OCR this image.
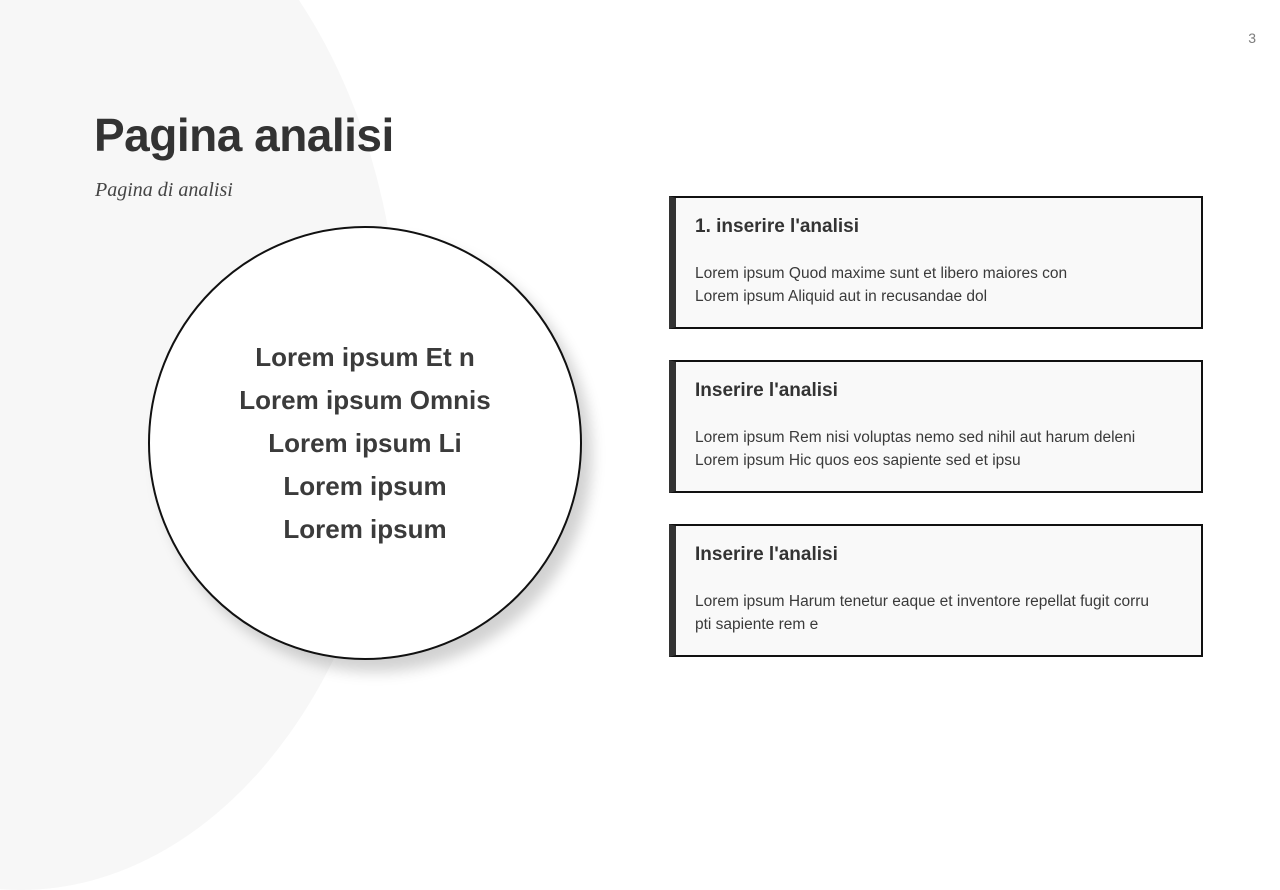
3
Pagina analisi

Pagina di analisi

Lorem ipsum Et n
Lorem ipsum Omnis
Lorem ipsum Li
Lorem ipsum
Lorem ipsum
1. inserire l'analisi

Lorem ipsum Quod maxime sunt et libero maiores con
Lorem ipsum Aliquid aut in recusandae dol

Inserire l'analisi

Lorem ipsum Rem nisi voluptas nemo sed nihil aut harum deleni
Lorem ipsum Hic quos eos sapiente sed et ipsu

Inserire l'analisi

Lorem ipsum Harum tenetur eaque et inventore repellat fugit corru
pti sapiente rem e
